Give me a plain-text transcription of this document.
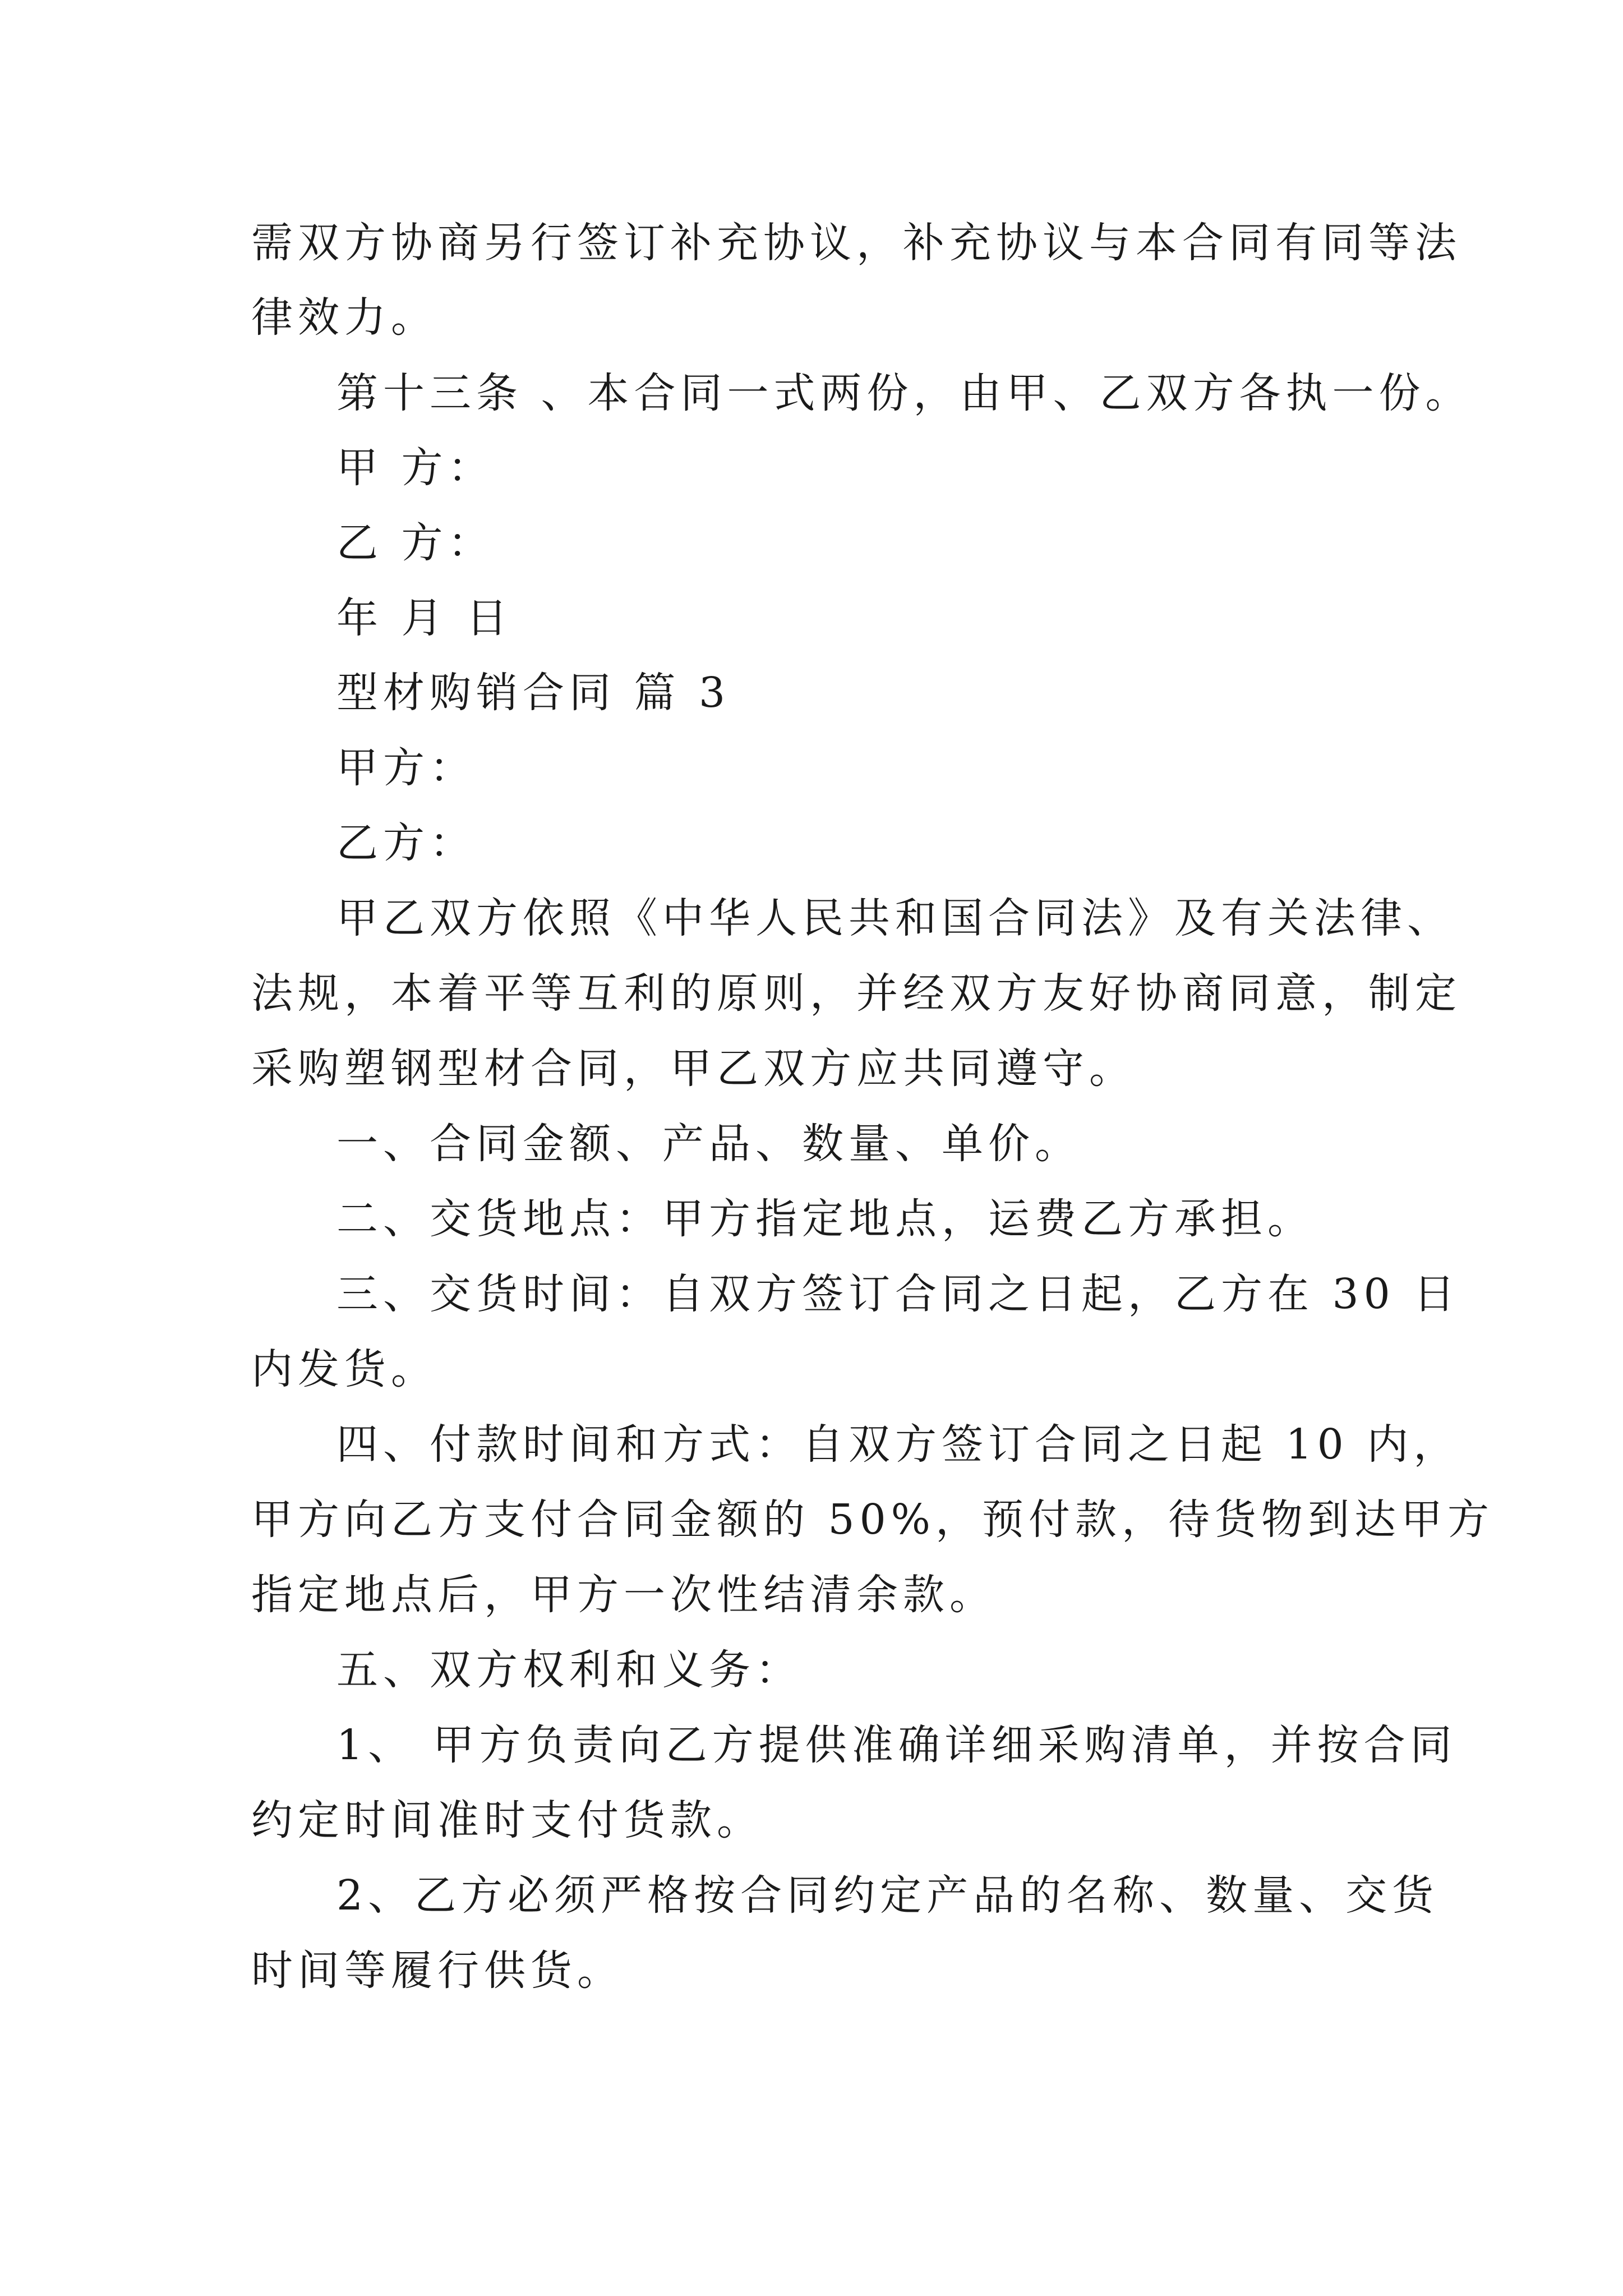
需双方协商另行签订补充协议，补充协议与本合同有同等法
律效力。
第十三条 、本合同一式两份，由甲、乙双方各执一份。
甲 方：
乙 方：
年 月 日
型材购销合同 篇 3
甲方：
乙方：
甲乙双方依照《中华人民共和国合同法》及有关法律、
法规，本着平等互利的原则，并经双方友好协商同意，制定
采购塑钢型材合同，甲乙双方应共同遵守。
一、合同金额、产品、数量、单价。
二、交货地点：甲方指定地点，运费乙方承担。
三、交货时间：自双方签订合同之日起，乙方在 30 日
内发货。
四、付款时间和方式：自双方签订合同之日起 10 内，
甲方向乙方支付合同金额的 50%，预付款，待货物到达甲方
指定地点后，甲方一次性结清余款。
五、双方权利和义务：
1、 甲方负责向乙方提供准确详细采购清单，并按合同
约定时间准时支付货款。
2、乙方必须严格按合同约定产品的名称、数量、交货
时间等履行供货。
